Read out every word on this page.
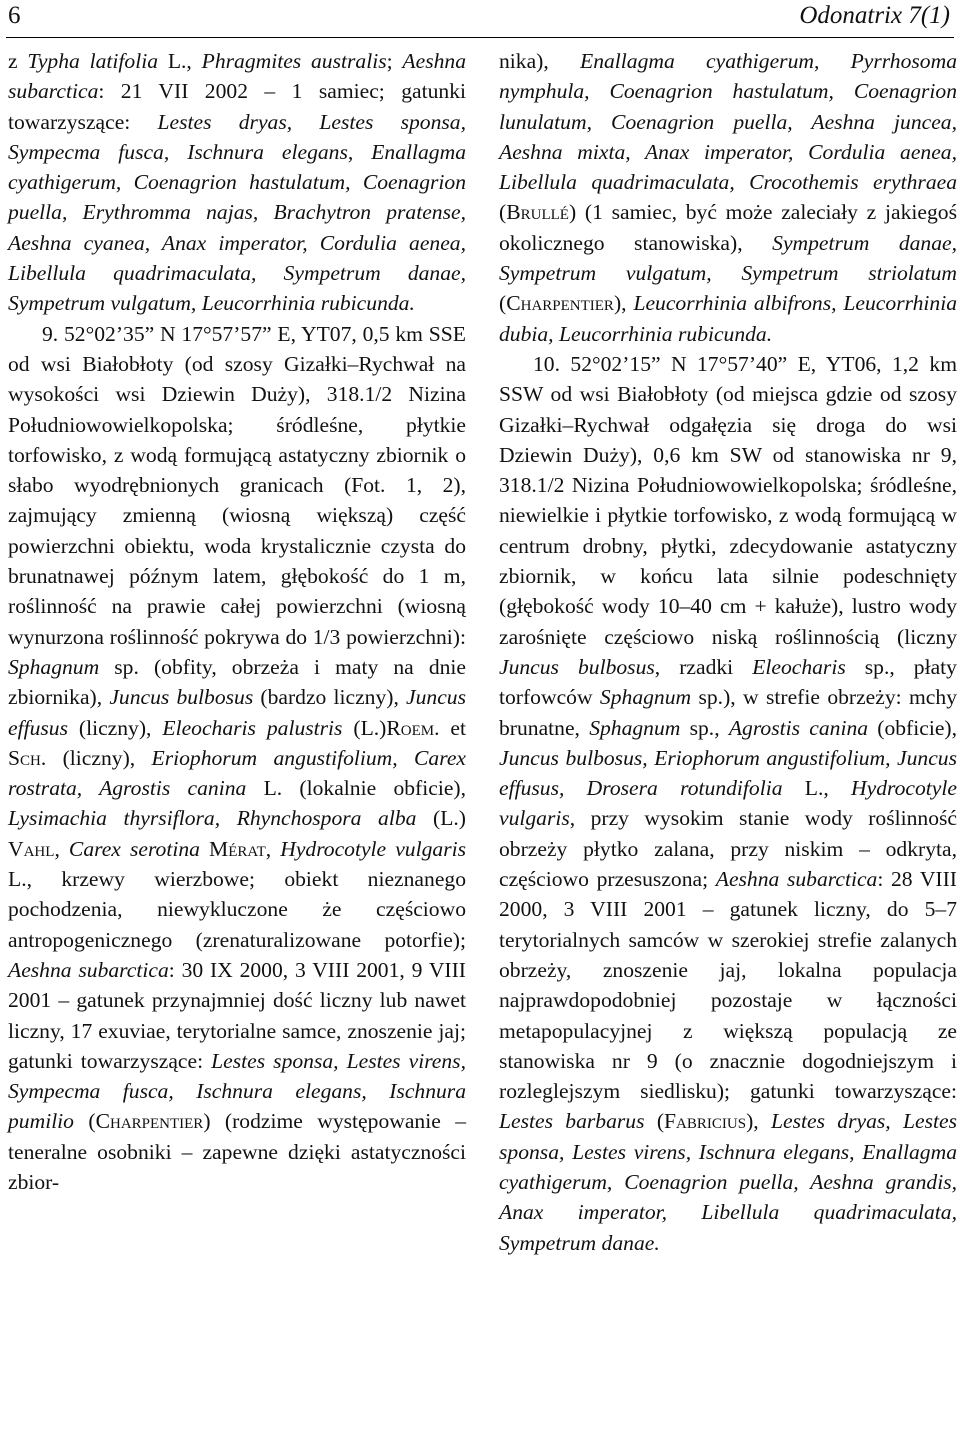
6	Odonatrix 7(1)

z Typha latifolia L., Phragmites australis; Aeshna subarctica: 21 VII 2002 – 1 samiec; gatunki towarzyszące: Lestes dryas, Lestes sponsa, Sympecma fusca, Ischnura elegans, Enallagma cyathigerum, Coenagrion hastulatum, Coenagrion puella, Erythromma najas, Brachytron pratense, Aeshna cyanea, Anax imperator, Cordulia aenea, Libellula quadrimaculata, Sympetrum danae, Sympetrum vulgatum, Leucorrhinia rubicunda.

9. 52°02’35” N 17°57’57” E, YT07, 0,5 km SSE od wsi Białobłoty (od szosy Gizałki–Rychwał na wysokości wsi Dziewin Duży), 318.1/2 Nizina Południowowielkopolska; śródleśne, płytkie torfowisko, z wodą formującą astatyczny zbiornik o słabo wyodrębnionych granicach (Fot. 1, 2), zajmujący zmienną (wiosną większą) część powierzchni obiektu, woda krystalicznie czysta do brunatnawej późnym latem, głębokość do 1 m, roślinność na prawie całej powierzchni (wiosną wynurzona roślinność pokrywa do 1/3 powierzchni): Sphagnum sp. (obfity, obrzeża i maty na dnie zbiornika), Juncus bulbosus (bardzo liczny), Juncus effusus (liczny), Eleocharis palustris (L.)Roem. et Sch. (liczny), Eriophorum angustifolium, Carex rostrata, Agrostis canina L. (lokalnie obficie), Lysimachia thyrsiflora, Rhynchospora alba (L.) Vahl, Carex serotina Mérat, Hydrocotyle vulgaris L., krzewy wierzbowe; obiekt nieznanego pochodzenia, niewykluczone że częściowo antropogenicznego (zrenaturalizowane potorfie); Aeshna subarctica: 30 IX 2000, 3 VIII 2001, 9 VIII 2001 – gatunek przynajmniej dość liczny lub nawet liczny, 17 exuviae, terytorialne samce, znoszenie jaj; gatunki towarzyszące: Lestes sponsa, Lestes virens, Sympecma fusca, Ischnura elegans, Ischnura pumilio (Charpentier) (rodzime występowanie – teneralne osobniki – zapewne dzięki astatyczności zbior-

nika), Enallagma cyathigerum, Pyrrhosoma nymphula, Coenagrion hastulatum, Coenagrion lunulatum, Coenagrion puella, Aeshna juncea, Aeshna mixta, Anax imperator, Cordulia aenea, Libellula quadrimaculata, Crocothemis erythraea (Brullé) (1 samiec, być może zaleciały z jakiegoś okolicznego stanowiska), Sympetrum danae, Sympetrum vulgatum, Sympetrum striolatum (Charpentier), Leucorrhinia albifrons, Leucorrhinia dubia, Leucorrhinia rubicunda.

10. 52°02’15” N 17°57’40” E, YT06, 1,2 km SSW od wsi Białobłoty (od miejsca gdzie od szosy Gizałki–Rychwał odgałęzia się droga do wsi Dziewin Duży), 0,6 km SW od stanowiska nr 9, 318.1/2 Nizina Południowowielkopolska; śródleśne, niewielkie i płytkie torfowisko, z wodą formującą w centrum drobny, płytki, zdecydowanie astatyczny zbiornik, w końcu lata silnie podeschnięty (głębokość wody 10–40 cm + kałuże), lustro wody zarośnięte częściowo niską roślinnością (liczny Juncus bulbosus, rzadki Eleocharis sp., płaty torfowców Sphagnum sp.), w strefie obrzeży: mchy brunatne, Sphagnum sp., Agrostis canina (obficie), Juncus bulbosus, Eriophorum angustifolium, Juncus effusus, Drosera rotundifolia L., Hydrocotyle vulgaris, przy wysokim stanie wody roślinność obrzeży płytko zalana, przy niskim – odkryta, częściowo przesuszona; Aeshna subarctica: 28 VIII 2000, 3 VIII 2001 – gatunek liczny, do 5–7 terytorialnych samców w szerokiej strefie zalanych obrzeży, znoszenie jaj, lokalna populacja najprawdopodobniej pozostaje w łączności metapopulacyjnej z większą populacją ze stanowiska nr 9 (o znacznie dogodniejszym i rozleglejszym siedlisku); gatunki towarzyszące: Lestes barbarus (Fabricius), Lestes dryas, Lestes sponsa, Lestes virens, Ischnura elegans, Enallagma cyathigerum, Coenagrion puella, Aeshna grandis, Anax imperator, Libellula quadrimaculata, Sympetrum danae.
